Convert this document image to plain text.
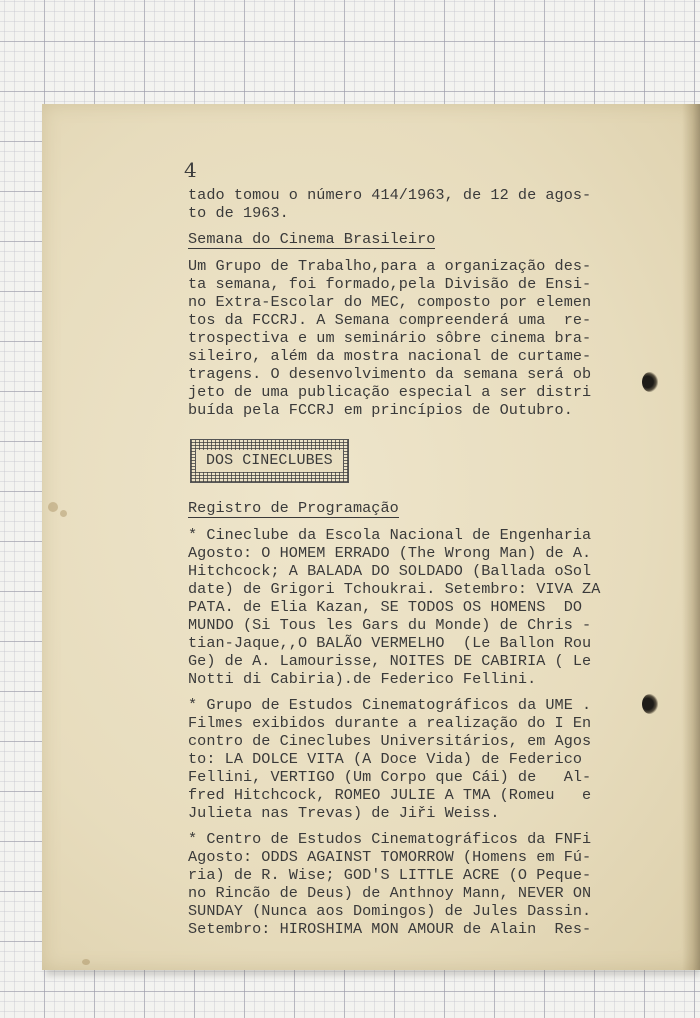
4
tado tomou o número 414/1963, de 12 de agos-
to de 1963.
Semana do Cinema Brasileiro
Um Grupo de Trabalho,para a organização des-
ta semana, foi formado,pela Divisão de Ensi-
no Extra-Escolar do MEC, composto por elemen
tos da FCCRJ. A Semana compreenderá uma  re-
trospectiva e um seminário sôbre cinema bra-
sileiro, além da mostra nacional de curtame-
tragens. O desenvolvimento da semana será ob
jeto de uma publicação especial a ser distri
buída pela FCCRJ em princípios de Outubro.
DOS CINECLUBES
Registro de Programação
* Cineclube da Escola Nacional de Engenharia
Agosto: O HOMEM ERRADO (The Wrong Man) de A.
Hitchcock; A BALADA DO SOLDADO (Ballada oSol
date) de Grigori Tchoukrai. Setembro: VIVA ZA
PATA. de Elia Kazan, SE TODOS OS HOMENS  DO
MUNDO (Si Tous les Gars du Monde) de Chris -
tian-Jaque,,O BALÃO VERMELHO  (Le Ballon Rou
Ge) de A. Lamourisse, NOITES DE CABIRIA ( Le
Notti di Cabiria).de Federico Fellini.
* Grupo de Estudos Cinematográficos da UME .
Filmes exibidos durante a realização do I En
contro de Cineclubes Universitários, em Agos
to: LA DOLCE VITA (A Doce Vida) de Federico
Fellini, VERTIGO (Um Corpo que Cái) de   Al-
fred Hitchcock, ROMEO JULIE A TMA (Romeu   e
Julieta nas Trevas) de Jiři Weiss.
* Centro de Estudos Cinematográficos da FNFi
Agosto: ODDS AGAINST TOMORROW (Homens em Fú-
ria) de R. Wise; GOD'S LITTLE ACRE (O Peque-
no Rincão de Deus) de Anthnoy Mann, NEVER ON
SUNDAY (Nunca aos Domingos) de Jules Dassin.
Setembro: HIROSHIMA MON AMOUR de Alain  Res-
